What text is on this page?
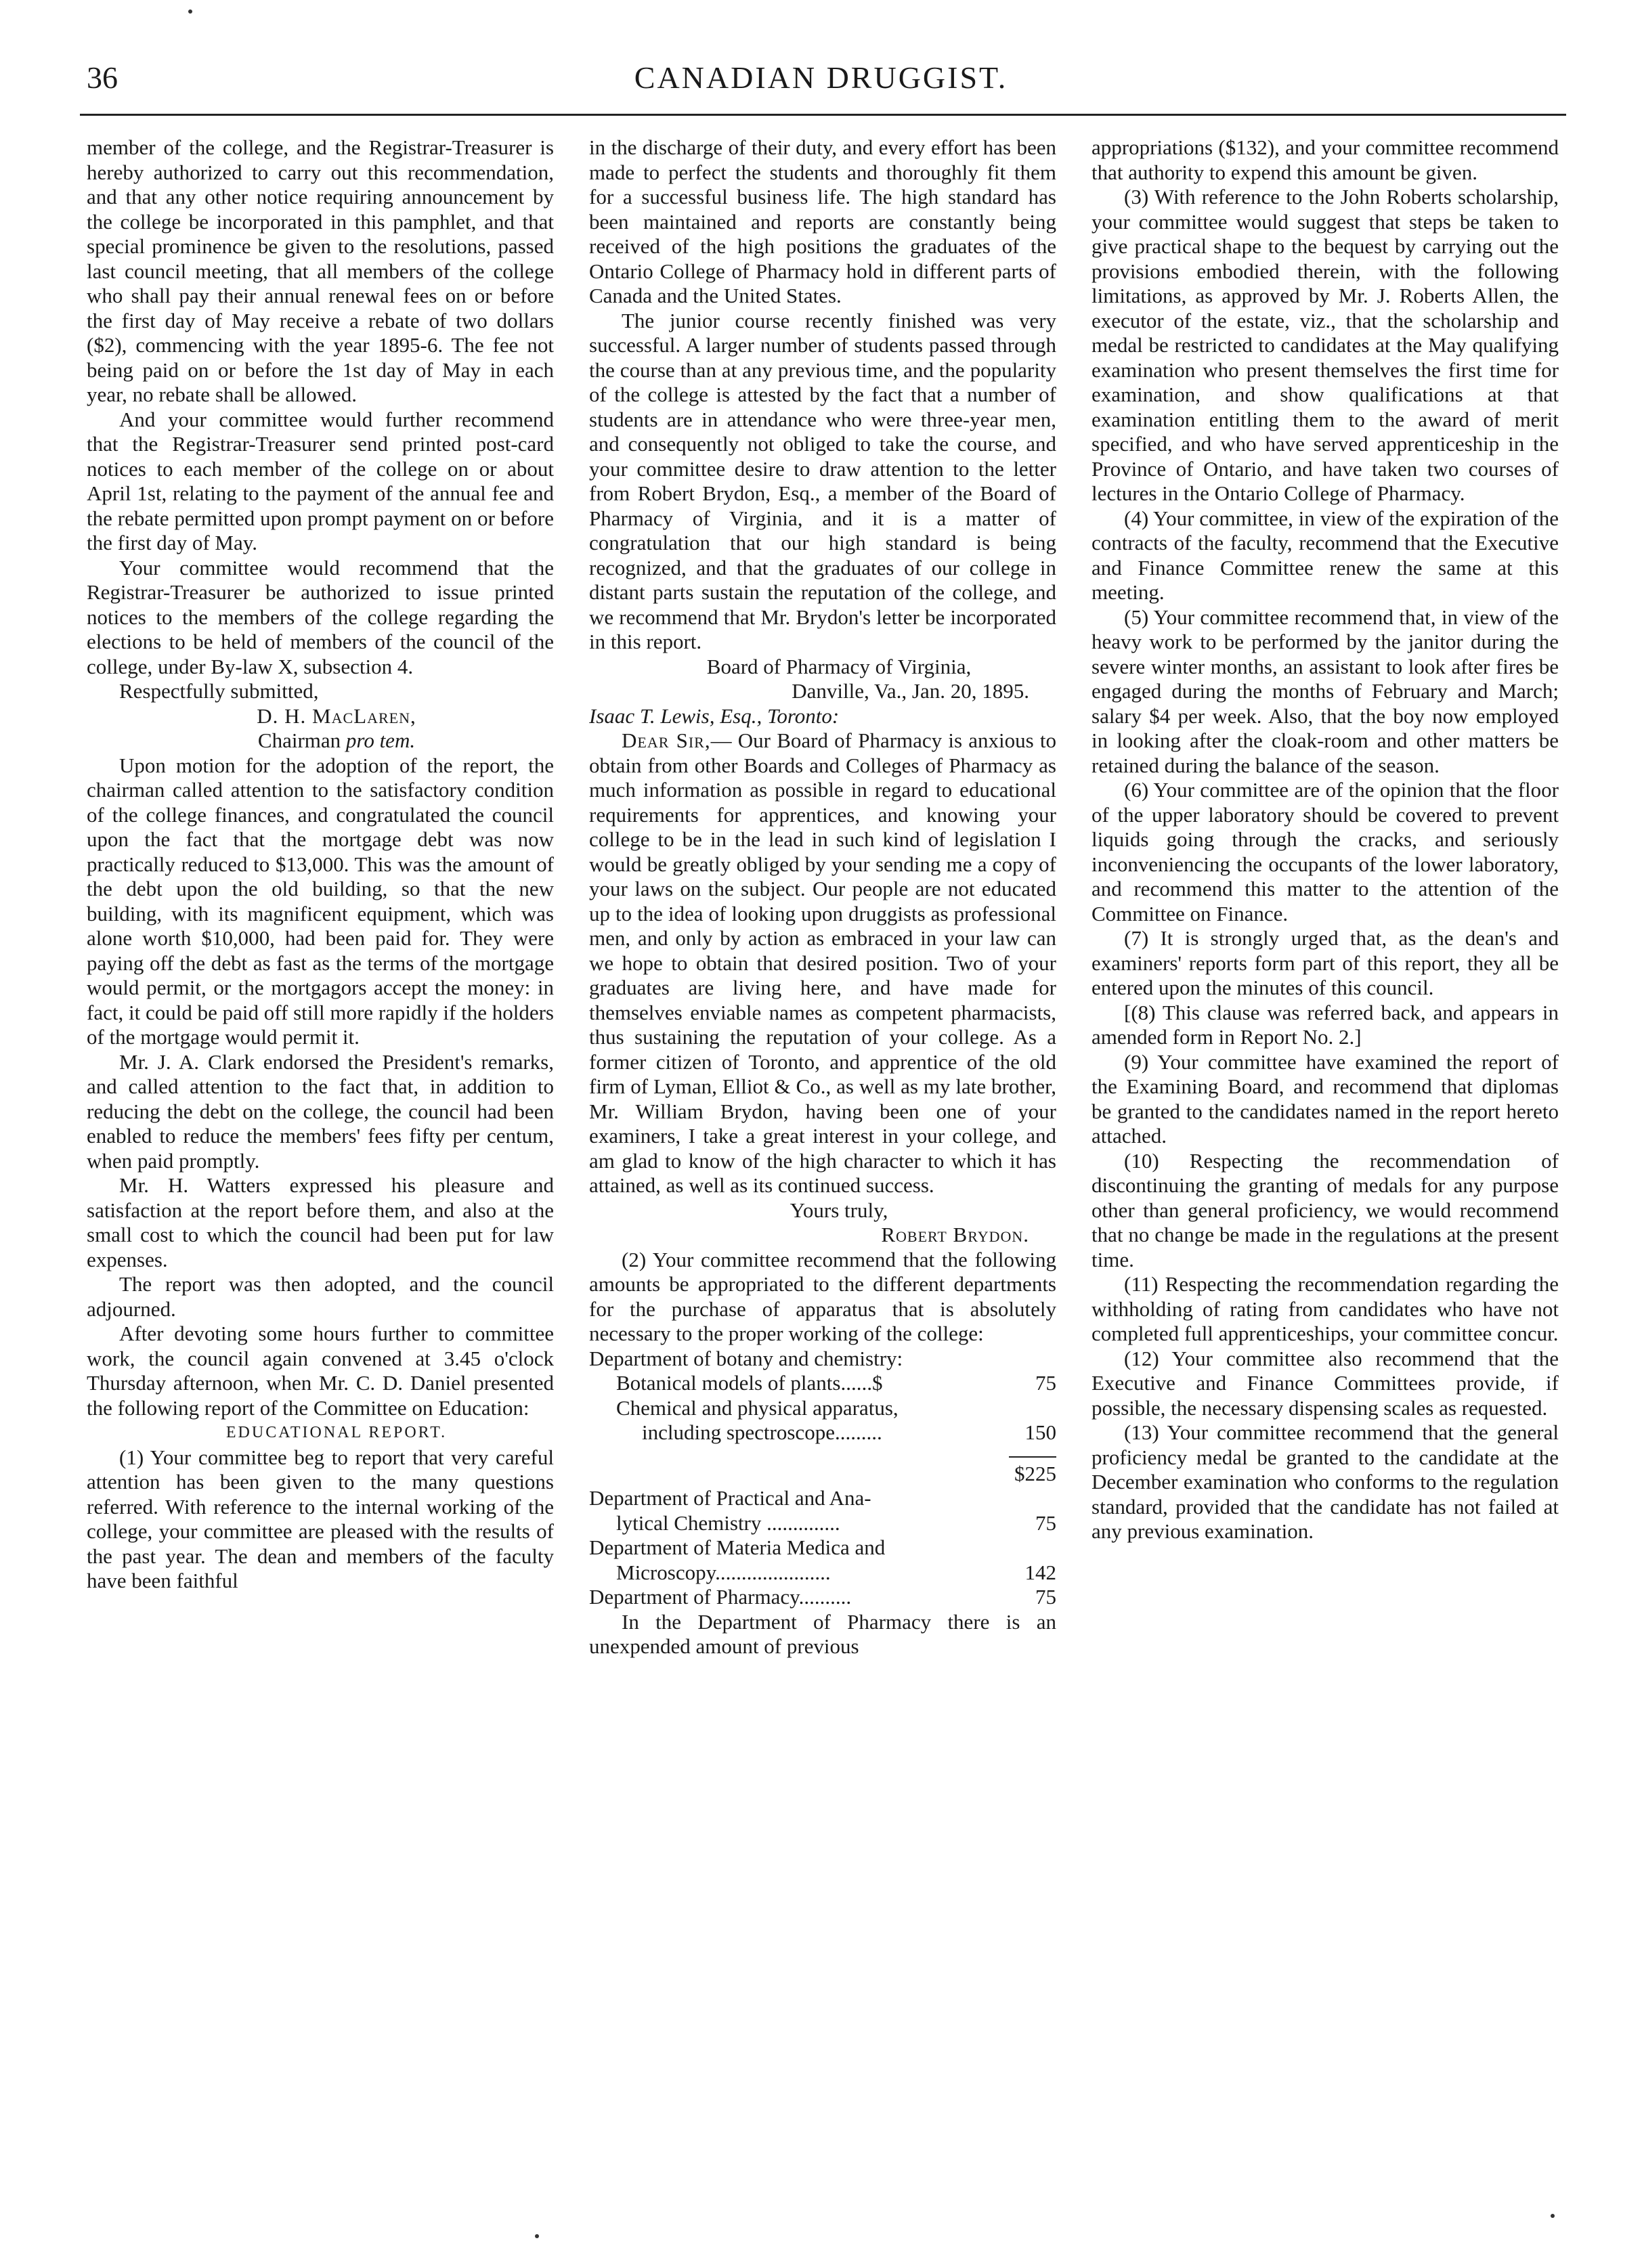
36	CANADIAN DRUGGIST.

member of the college, and the Registrar-Treasurer is hereby authorized to carry out this recommendation, and that any other notice requiring announcement by the college be incorporated in this pamphlet, and that special prominence be given to the resolutions, passed last council meeting, that all members of the college who shall pay their annual renewal fees on or before the first day of May receive a rebate of two dollars ($2), commencing with the year 1895-6. The fee not being paid on or before the 1st day of May in each year, no rebate shall be allowed.

And your committee would further recommend that the Registrar-Treasurer send printed post-card notices to each member of the college on or about April 1st, relating to the payment of the annual fee and the rebate permitted upon prompt payment on or before the first day of May.

Your committee would recommend that the Registrar-Treasurer be authorized to issue printed notices to the members of the college regarding the elections to be held of members of the council of the college, under By-law X, subsection 4.

Respectfully submitted,

D. H. MacLaren,

Chairman pro tem.

Upon motion for the adoption of the report, the chairman called attention to the satisfactory condition of the college finances, and congratulated the council upon the fact that the mortgage debt was now practically reduced to $13,000. This was the amount of the debt upon the old building, so that the new building, with its magnificent equipment, which was alone worth $10,000, had been paid for. They were paying off the debt as fast as the terms of the mortgage would permit, or the mortgagors accept the money: in fact, it could be paid off still more rapidly if the holders of the mortgage would permit it.

Mr. J. A. Clark endorsed the President's remarks, and called attention to the fact that, in addition to reducing the debt on the college, the council had been enabled to reduce the members' fees fifty per centum, when paid promptly.

Mr. H. Watters expressed his pleasure and satisfaction at the report before them, and also at the small cost to which the council had been put for law expenses.

The report was then adopted, and the council adjourned.

After devoting some hours further to committee work, the council again convened at 3.45 o'clock Thursday afternoon, when Mr. C. D. Daniel presented the following report of the Committee on Education:

EDUCATIONAL REPORT.

(1) Your committee beg to report that very careful attention has been given to the many questions referred. With reference to the internal working of the college, your committee are pleased with the results of the past year. The dean and members of the faculty have been faithful

in the discharge of their duty, and every effort has been made to perfect the students and thoroughly fit them for a successful business life. The high standard has been maintained and reports are constantly being received of the high positions the graduates of the Ontario College of Pharmacy hold in different parts of Canada and the United States.

The junior course recently finished was very successful. A larger number of students passed through the course than at any previous time, and the popularity of the college is attested by the fact that a number of students are in attendance who were three-year men, and consequently not obliged to take the course, and your committee desire to draw attention to the letter from Robert Brydon, Esq., a member of the Board of Pharmacy of Virginia, and it is a matter of congratulation that our high standard is being recognized, and that the graduates of our college in distant parts sustain the reputation of the college, and we recommend that Mr. Brydon's letter be incorporated in this report.

Board of Pharmacy of Virginia,

Danville, Va., Jan. 20, 1895.

Isaac T. Lewis, Esq., Toronto:

Dear Sir,— Our Board of Pharmacy is anxious to obtain from other Boards and Colleges of Pharmacy as much information as possible in regard to educational requirements for apprentices, and knowing your college to be in the lead in such kind of legislation I would be greatly obliged by your sending me a copy of your laws on the subject. Our people are not educated up to the idea of looking upon druggists as professional men, and only by action as embraced in your law can we hope to obtain that desired position. Two of your graduates are living here, and have made for themselves enviable names as competent pharmacists, thus sustaining the reputation of your college. As a former citizen of Toronto, and apprentice of the old firm of Lyman, Elliot & Co., as well as my late brother, Mr. William Brydon, having been one of your examiners, I take a great interest in your college, and am glad to know of the high character to which it has attained, as well as its continued success.

Yours truly,

Robert Brydon.

(2) Your committee recommend that the following amounts be appropriated to the different departments for the purchase of apparatus that is absolutely necessary to the proper working of the college:

Department of botany and chemistry:
Botanical models of plants......$	75
Chemical and physical apparatus,
including spectroscope.........	150

$225

Department of Practical and Ana-
lytical Chemistry ..............	75
Department of Materia Medica and
Microscopy......................	142
Department of Pharmacy..........	75

In the Department of Pharmacy there is an unexpended amount of previous

appropriations ($132), and your committee recommend that authority to expend this amount be given.

(3) With reference to the John Roberts scholarship, your committee would suggest that steps be taken to give practical shape to the bequest by carrying out the provisions embodied therein, with the following limitations, as approved by Mr. J. Roberts Allen, the executor of the estate, viz., that the scholarship and medal be restricted to candidates at the May qualifying examination who present themselves the first time for examination, and show qualifications at that examination entitling them to the award of merit specified, and who have served apprenticeship in the Province of Ontario, and have taken two courses of lectures in the Ontario College of Pharmacy.

(4) Your committee, in view of the expiration of the contracts of the faculty, recommend that the Executive and Finance Committee renew the same at this meeting.

(5) Your committee recommend that, in view of the heavy work to be performed by the janitor during the severe winter months, an assistant to look after fires be engaged during the months of February and March; salary $4 per week. Also, that the boy now employed in looking after the cloak-room and other matters be retained during the balance of the season.

(6) Your committee are of the opinion that the floor of the upper laboratory should be covered to prevent liquids going through the cracks, and seriously inconveniencing the occupants of the lower laboratory, and recommend this matter to the attention of the Committee on Finance.

(7) It is strongly urged that, as the dean's and examiners' reports form part of this report, they all be entered upon the minutes of this council.

[(8) This clause was referred back, and appears in amended form in Report No. 2.]

(9) Your committee have examined the report of the Examining Board, and recommend that diplomas be granted to the candidates named in the report hereto attached.

(10) Respecting the recommendation of discontinuing the granting of medals for any purpose other than general proficiency, we would recommend that no change be made in the regulations at the present time.

(11) Respecting the recommendation regarding the withholding of rating from candidates who have not completed full apprenticeships, your committee concur.

(12) Your committee also recommend that the Executive and Finance Committees provide, if possible, the necessary dispensing scales as requested.

(13) Your committee recommend that the general proficiency medal be granted to the candidate at the December examination who conforms to the regulation standard, provided that the candidate has not failed at any previous examination.
